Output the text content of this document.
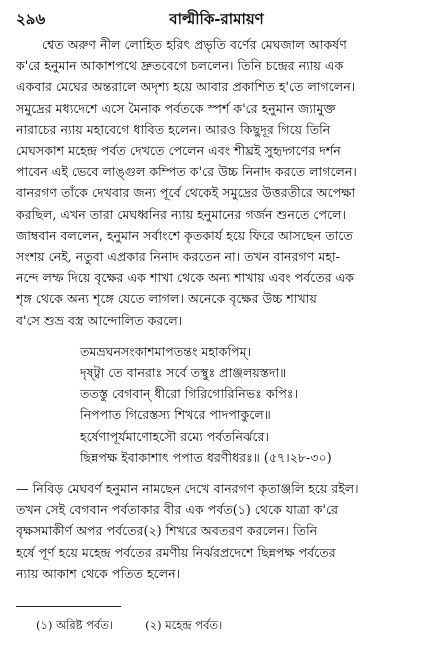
২৯৬	বাল্মীকি-রামায়ণ
শ্বেত অরুণ নীল লোহিত হরিৎ প্রভৃতি বর্ণের মেঘজাল আকর্ষণ
ক'রে হনুমান আকাশপথে দ্রুতবেগে চললেন। তিনি চন্দ্রের ন্যায় এক
একবার মেঘের অন্তরালে অদৃশ্য হয়ে আবার প্রকাশিত হ'তে লাগলেন।
সমুদ্রের মধ্যদেশে এসে মৈনাক পর্বতকে স্পর্শ ক'রে হনুমান জ্যামুক্ত
নারাচের ন্যায় মহাবেগে ধাবিত হলেন। আরও কিছুদূর গিয়ে তিনি
মেঘসকাশ মহেন্দ্র পর্বত দেখতে পেলেন এবং শীঘ্রই সুহৃদ্গণের দর্শন
পাবেন এই ভেবে লাঙ্গুল কম্পিত ক'রে উচ্চ নিনাদ করতে লাগলেন।
বানরগণ তাঁকে দেখবার জন্য পূর্বে থেকেই সমুদ্রের উত্তরতীরে অপেক্ষা
করছিল, এখন তারা মেঘধ্বনির ন্যায় হনুমানের গর্জন শুনতে পেলে।
জাম্ববান বললেন, হনুমান সর্বাংশে কৃতকার্য হয়ে ফিরে আসছেন তাতে
সংশয় নেই, নতুবা এপ্রকার নিনাদ করতেন না। তখন বানরগণ মহা-
নন্দে লম্ফ দিয়ে বৃক্ষের এক শাখা থেকে অন্য শাখায় এবং পর্বতের এক
শৃঙ্গ থেকে অন্য শৃঙ্গে যেতে লাগল। অনেকে বৃক্ষের উচ্চ শাখায়
ব'সে শুভ্র বস্ত্র আন্দোলিত করলে।
তমভ্রঘনসংকাশমাপতন্তং মহাকপিম্।
দৃষ্ট্বা তে বানরাঃ সর্বে তস্থুঃ প্রাঞ্জলয়স্তদা॥
ততস্তু বেগবান্ ধীরো গিরিগোরিনিভঃ কপিঃ।
নিপপাত গিরেস্তস্য শিখরে পাদপাকুলে॥
হর্ষেণাপূর্যমাণোহসৌ রম্যে পর্বতনির্ঝরে।
ছিন্নপক্ষ ইবাকাশাৎ পপাত ধরণীধরঃ॥ (৫৭।২৮-৩০)
— নিবিড় মেঘবর্ণ হনুমান নামছেন দেখে বানরগণ কৃতাঞ্জলি হয়ে রইল।
তখন সেই বেগবান পর্বতাকার বীর এক পর্বত(১) থেকে যাত্রা ক'রে
বৃক্ষসমাকীর্ণ অপর পর্বতের(২) শিখরে অবতরণ করলেন। তিনি
হর্ষে পূর্ণ হয়ে মহেন্দ্র পর্বতের রমণীয় নির্ঝরপ্রদেশে ছিন্নপক্ষ পর্বতের
ন্যায় আকাশ থেকে পতিত হলেন।
(১) অরিষ্ট পর্বত।	(২) মহেন্দ্র পর্বত।
